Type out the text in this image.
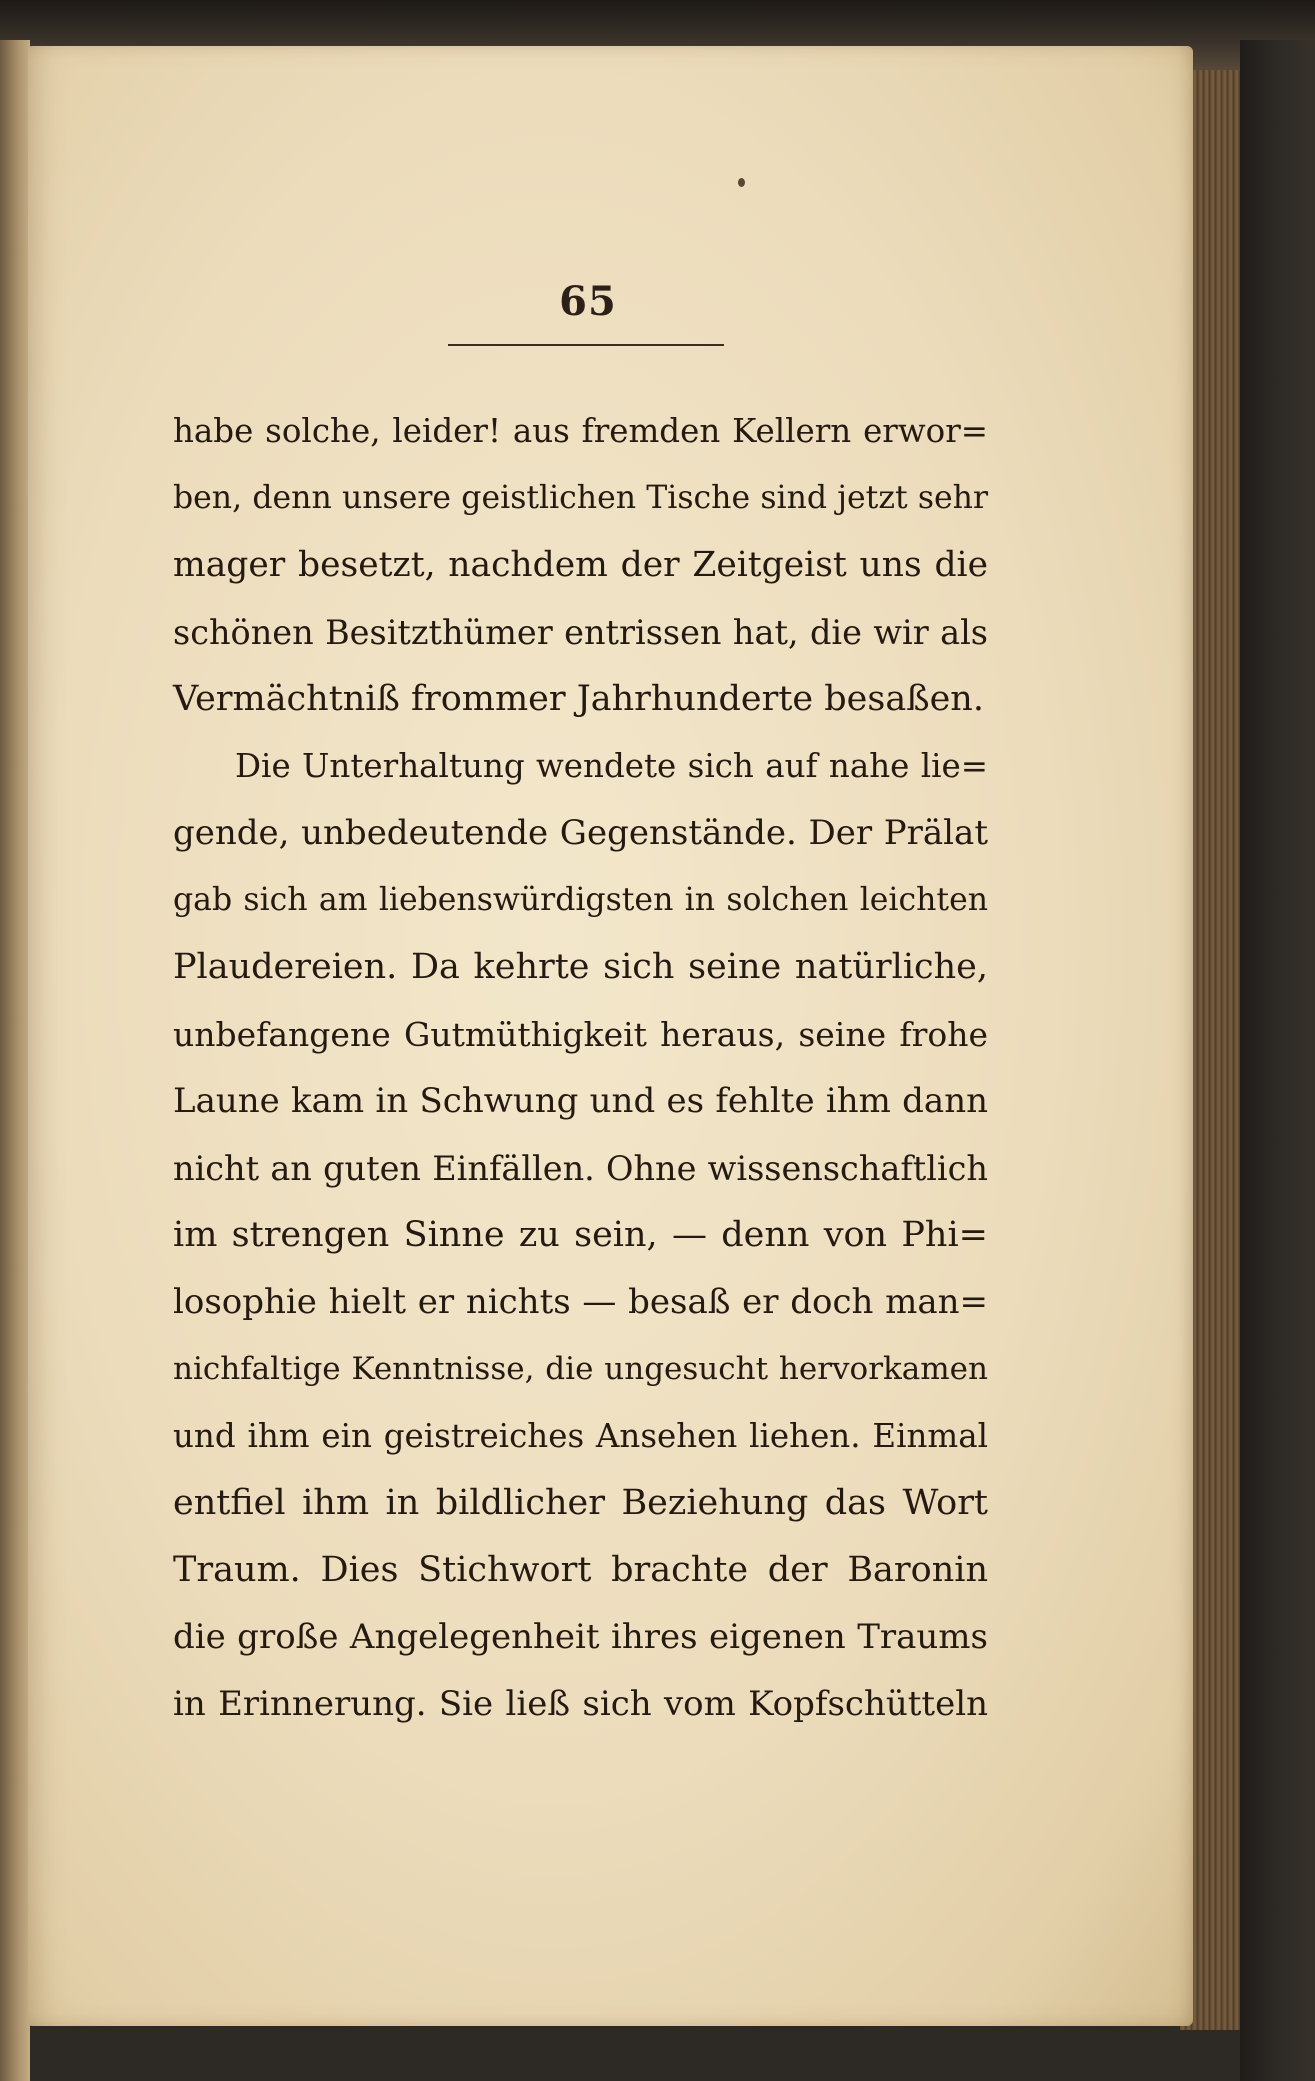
65
habe solche, leider! aus fremden Kellern erwor=
ben, denn unsere geistlichen Tische sind jetzt sehr
mager besetzt, nachdem der Zeitgeist uns die
schönen Besitzthümer entrissen hat, die wir als
Vermächtniß frommer Jahrhunderte besaßen.
Die Unterhaltung wendete sich auf nahe lie=
gende, unbedeutende Gegenstände. Der Prälat
gab sich am liebenswürdigsten in solchen leichten
Plaudereien. Da kehrte sich seine natürliche,
unbefangene Gutmüthigkeit heraus, seine frohe
Laune kam in Schwung und es fehlte ihm dann
nicht an guten Einfällen. Ohne wissenschaftlich
im strengen Sinne zu sein, — denn von Phi=
losophie hielt er nichts — besaß er doch man=
nichfaltige Kenntnisse, die ungesucht hervorkamen
und ihm ein geistreiches Ansehen liehen. Einmal
entfiel ihm in bildlicher Beziehung das Wort
Traum. Dies Stichwort brachte der Baronin
die große Angelegenheit ihres eigenen Traums
in Erinnerung. Sie ließ sich vom Kopfschütteln
